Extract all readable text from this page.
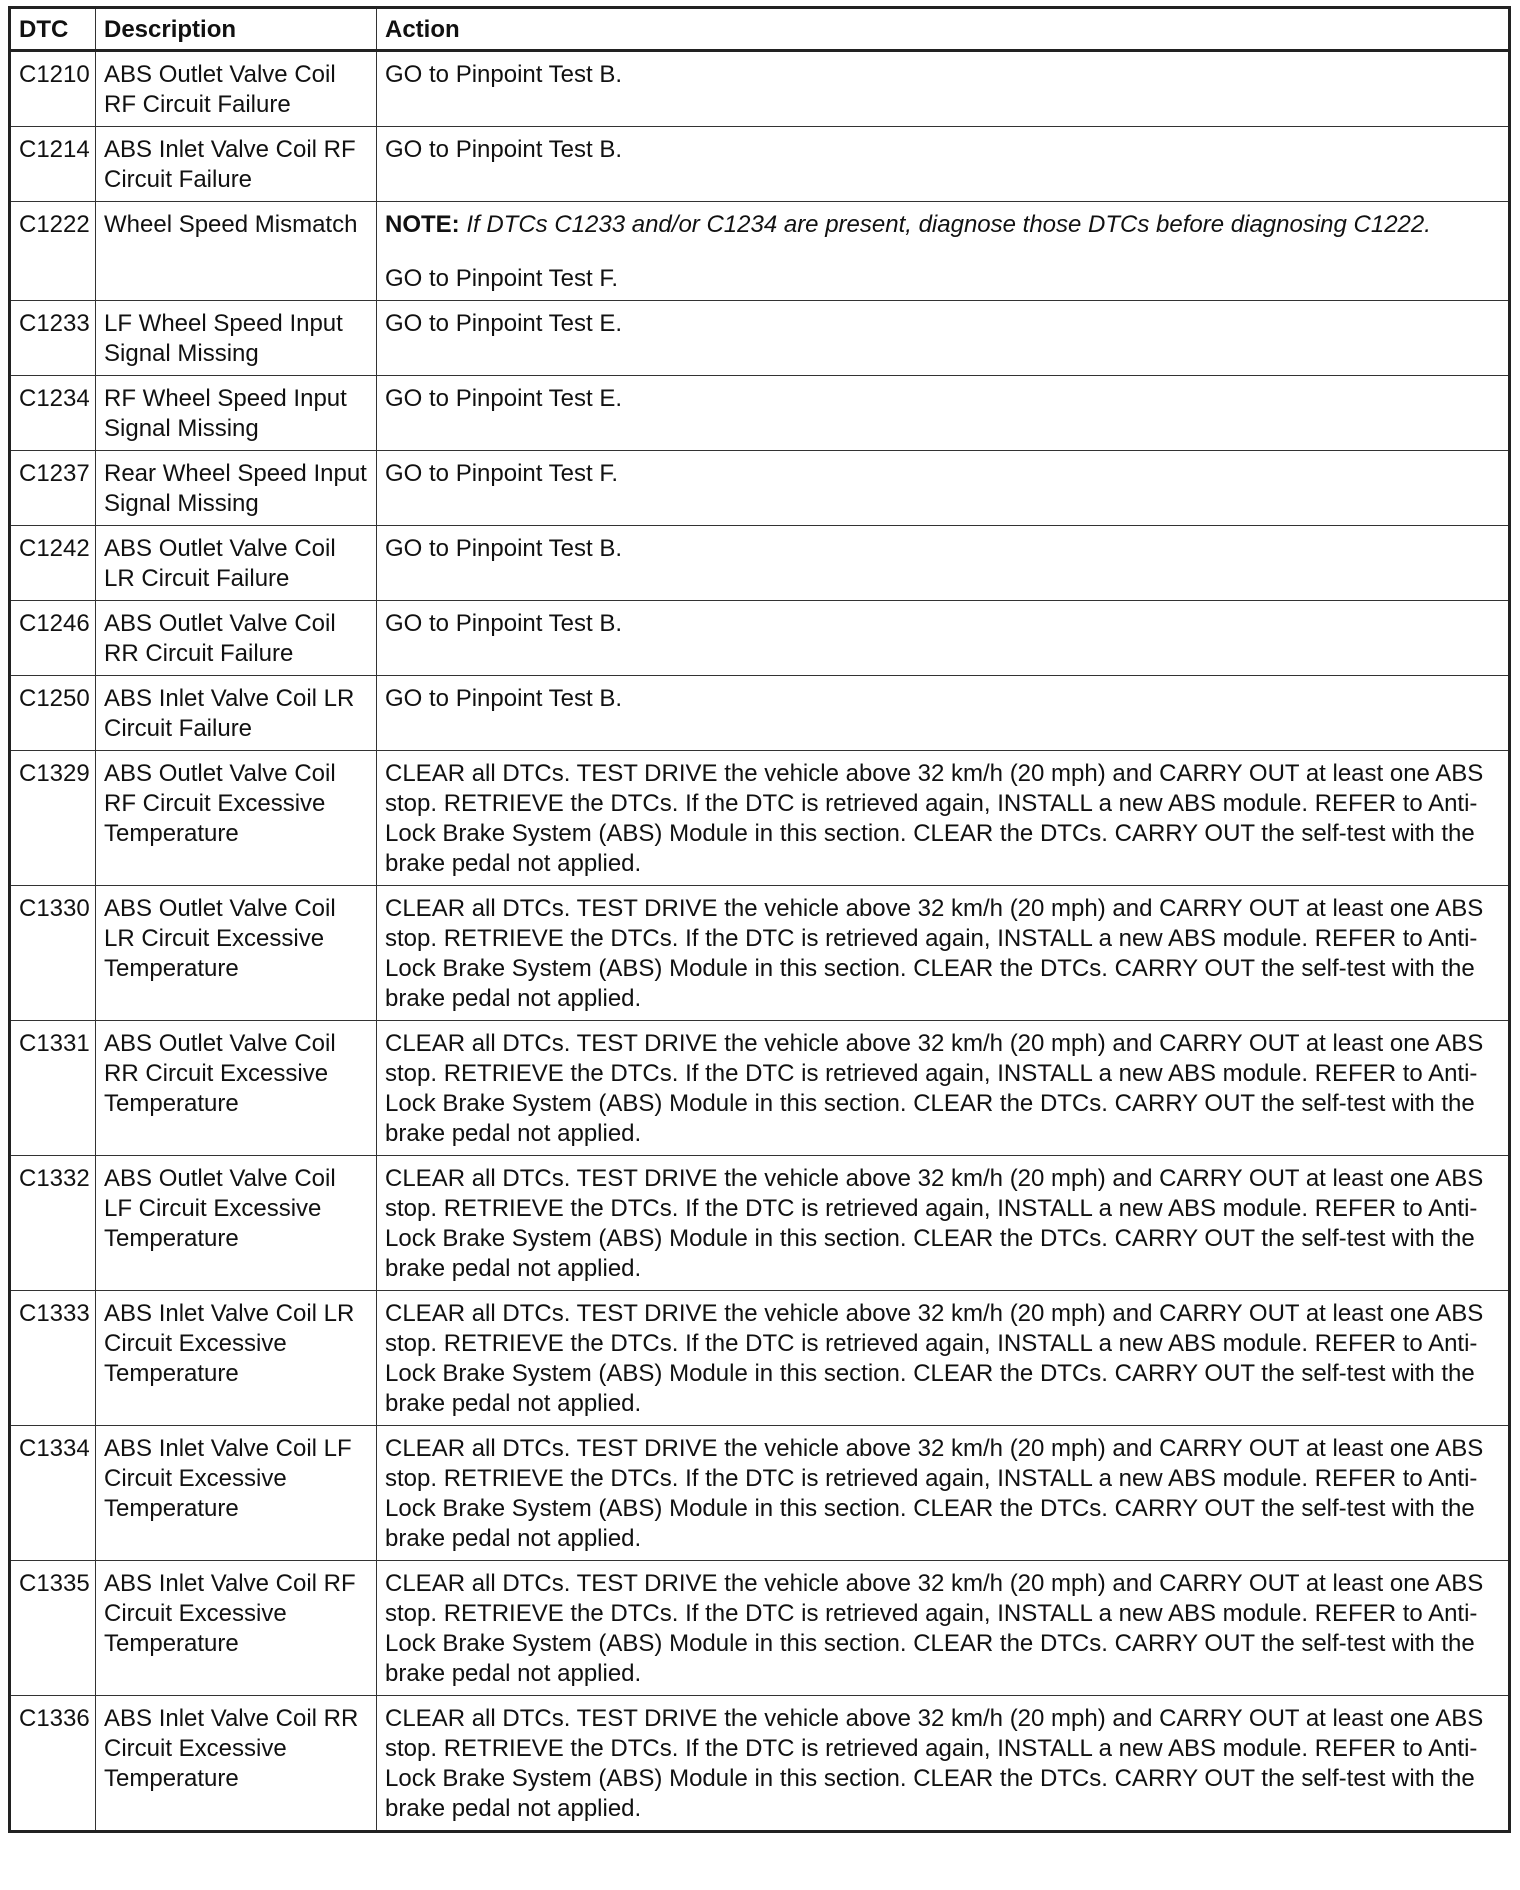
DTC	Description	Action
C1210	ABS Outlet Valve Coil RF Circuit Failure	GO to Pinpoint Test B.
C1214	ABS Inlet Valve Coil RF Circuit Failure	GO to Pinpoint Test B.
C1222	Wheel Speed Mismatch	NOTE: If DTCs C1233 and/or C1234 are present, diagnose those DTCs before diagnosing C1222.
GO to Pinpoint Test F.

C1233	LF Wheel Speed Input Signal Missing	GO to Pinpoint Test E.
C1234	RF Wheel Speed Input Signal Missing	GO to Pinpoint Test E.
C1237	Rear Wheel Speed Input Signal Missing	GO to Pinpoint Test F.
C1242	ABS Outlet Valve Coil LR Circuit Failure	GO to Pinpoint Test B.
C1246	ABS Outlet Valve Coil RR Circuit Failure	GO to Pinpoint Test B.
C1250	ABS Inlet Valve Coil LR Circuit Failure	GO to Pinpoint Test B.
C1329	ABS Outlet Valve Coil RF Circuit Excessive Temperature	CLEAR all DTCs. TEST DRIVE the vehicle above 32 km/h (20 mph) and CARRY OUT at least one ABS stop. RETRIEVE the DTCs. If the DTC is retrieved again, INSTALL a new ABS module. REFER to Anti-Lock Brake System (ABS) Module in this section. CLEAR the DTCs. CARRY OUT the self-test with the brake pedal not applied.
C1330	ABS Outlet Valve Coil LR Circuit Excessive Temperature	CLEAR all DTCs. TEST DRIVE the vehicle above 32 km/h (20 mph) and CARRY OUT at least one ABS stop. RETRIEVE the DTCs. If the DTC is retrieved again, INSTALL a new ABS module. REFER to Anti-Lock Brake System (ABS) Module in this section. CLEAR the DTCs. CARRY OUT the self-test with the brake pedal not applied.
C1331	ABS Outlet Valve Coil RR Circuit Excessive Temperature	CLEAR all DTCs. TEST DRIVE the vehicle above 32 km/h (20 mph) and CARRY OUT at least one ABS stop. RETRIEVE the DTCs. If the DTC is retrieved again, INSTALL a new ABS module. REFER to Anti-Lock Brake System (ABS) Module in this section. CLEAR the DTCs. CARRY OUT the self-test with the brake pedal not applied.
C1332	ABS Outlet Valve Coil LF Circuit Excessive Temperature	CLEAR all DTCs. TEST DRIVE the vehicle above 32 km/h (20 mph) and CARRY OUT at least one ABS stop. RETRIEVE the DTCs. If the DTC is retrieved again, INSTALL a new ABS module. REFER to Anti-Lock Brake System (ABS) Module in this section. CLEAR the DTCs. CARRY OUT the self-test with the brake pedal not applied.
C1333	ABS Inlet Valve Coil LR Circuit Excessive Temperature	CLEAR all DTCs. TEST DRIVE the vehicle above 32 km/h (20 mph) and CARRY OUT at least one ABS stop. RETRIEVE the DTCs. If the DTC is retrieved again, INSTALL a new ABS module. REFER to Anti-Lock Brake System (ABS) Module in this section. CLEAR the DTCs. CARRY OUT the self-test with the brake pedal not applied.
C1334	ABS Inlet Valve Coil LF Circuit Excessive Temperature	CLEAR all DTCs. TEST DRIVE the vehicle above 32 km/h (20 mph) and CARRY OUT at least one ABS stop. RETRIEVE the DTCs. If the DTC is retrieved again, INSTALL a new ABS module. REFER to Anti-Lock Brake System (ABS) Module in this section. CLEAR the DTCs. CARRY OUT the self-test with the brake pedal not applied.
C1335	ABS Inlet Valve Coil RF Circuit Excessive Temperature	CLEAR all DTCs. TEST DRIVE the vehicle above 32 km/h (20 mph) and CARRY OUT at least one ABS stop. RETRIEVE the DTCs. If the DTC is retrieved again, INSTALL a new ABS module. REFER to Anti-Lock Brake System (ABS) Module in this section. CLEAR the DTCs. CARRY OUT the self-test with the brake pedal not applied.
C1336	ABS Inlet Valve Coil RR Circuit Excessive Temperature	CLEAR all DTCs. TEST DRIVE the vehicle above 32 km/h (20 mph) and CARRY OUT at least one ABS stop. RETRIEVE the DTCs. If the DTC is retrieved again, INSTALL a new ABS module. REFER to Anti-Lock Brake System (ABS) Module in this section. CLEAR the DTCs. CARRY OUT the self-test with the brake pedal not applied.
